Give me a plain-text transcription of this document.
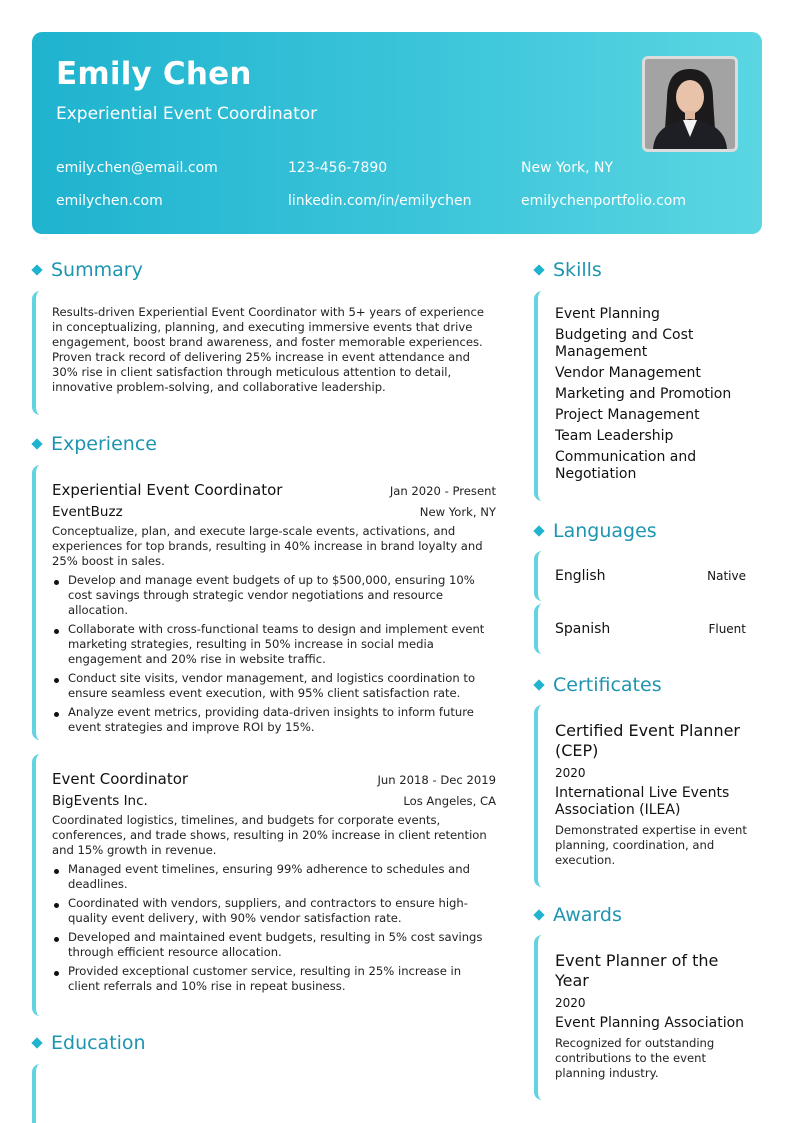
Emily Chen
Experiential Event Coordinator
emily.chen@email.com	123-456-7890	New York, NY
emilychen.com	linkedin.com/in/emilychen	emilychenportfolio.com
Summary
Results-driven Experiential Event Coordinator with 5+ years of experience in conceptualizing, planning, and executing immersive events that drive engagement, boost brand awareness, and foster memorable experiences. Proven track record of delivering 25% increase in event attendance and 30% rise in client satisfaction through meticulous attention to detail, innovative problem-solving, and collaborative leadership.
Experience
Experiential Event Coordinator	Jan 2020 - Present
EventBuzz	New York, NY
Conceptualize, plan, and execute large-scale events, activations, and experiences for top brands, resulting in 40% increase in brand loyalty and 25% boost in sales.
Develop and manage event budgets of up to $500,000, ensuring 10% cost savings through strategic vendor negotiations and resource allocation.
Collaborate with cross-functional teams to design and implement event marketing strategies, resulting in 50% increase in social media engagement and 20% rise in website traffic.
Conduct site visits, vendor management, and logistics coordination to ensure seamless event execution, with 95% client satisfaction rate.
Analyze event metrics, providing data-driven insights to inform future event strategies and improve ROI by 15%.
Event Coordinator	Jun 2018 - Dec 2019
BigEvents Inc.	Los Angeles, CA
Coordinated logistics, timelines, and budgets for corporate events, conferences, and trade shows, resulting in 20% increase in client retention and 15% growth in revenue.
Managed event timelines, ensuring 99% adherence to schedules and deadlines.
Coordinated with vendors, suppliers, and contractors to ensure high-quality event delivery, with 90% vendor satisfaction rate.
Developed and maintained event budgets, resulting in 5% cost savings through efficient resource allocation.
Provided exceptional customer service, resulting in 25% increase in client referrals and 10% rise in repeat business.
Education
Skills
Event Planning
Budgeting and Cost Management
Vendor Management
Marketing and Promotion
Project Management
Team Leadership
Communication and Negotiation
Languages
English	Native
Spanish	Fluent
Certificates
Certified Event Planner (CEP)
2020
International Live Events Association (ILEA)
Demonstrated expertise in event planning, coordination, and execution.
Awards
Event Planner of the Year
2020
Event Planning Association
Recognized for outstanding contributions to the event planning industry.
